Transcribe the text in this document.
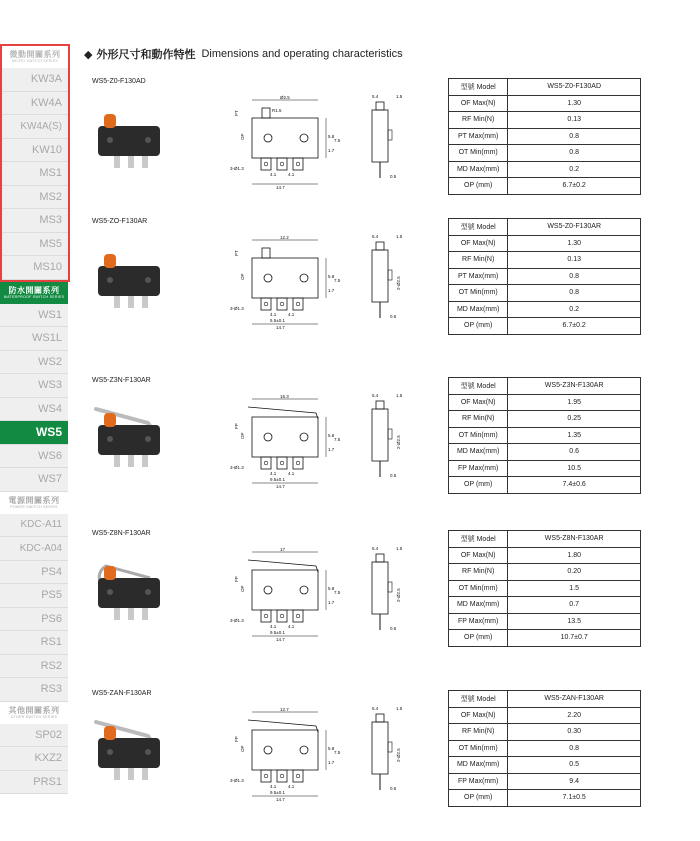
微動開關系列
MICRO SWITCH SERIES
KW3A
KW4A
KW4A(S)
KW10
MS1
MS2
MS3
MS5
MS10
防水開關系列
WATERPROOF SWITCH SERIES
WS1
WS1L
WS2
WS3
WS4
WS5
WS6
WS7
電源開關系列
POWER SWITCH SERIES
KDC-A11
KDC-A04
PS4
PS5
PS6
RS1
RS2
RS3
其他開關系列
OTHER SWITCH SERIES
SP02
KXZ2
PRS1
◆ 外形尺寸和動作特性 Dimensions and operating characteristics
WS5-Z0-F130AD
Ø2.5
14.7
5.8
7.5
1.7
3-Ø1.3
4.1	4.1
PT
OP
R1.5
5.4	1.5
0.5
型號 Model	WS5-Z0-F130AD
OF Max(N)	1.30
RF Min(N)	0.13
PT Max(mm)	0.8
OT Min(mm)	0.8
MD Max(mm)	0.2
OP (mm)	6.7±0.2
WS5-ZO-F130AR
12.2
5.5±0.1
14.7
5.8
7.5
1.7
3-Ø1.3
4.1	4.1
PT
OP
5.4	1.5
0.5
2-Ø2.5
型號 Model	WS5-Z0-F130AR
OF Max(N)	1.30
RF Min(N)	0.13
PT Max(mm)	0.8
OT Min(mm)	0.8
MD Max(mm)	0.2
OP (mm)	6.7±0.2
WS5-Z3N-F130AR
15.3
9.5±0.1
14.7
5.8
7.5
1.7
3-Ø1.3
4.1	4.1
FP
OP
5.4	1.5
0.5
2-Ø2.5
型號 Model	WS5-Z3N-F130AR
OF Max(N)	1.95
RF Min(N)	0.25
OT Min(mm)	1.35
MD Max(mm)	0.6
FP Max(mm)	10.5
OP (mm)	7.4±0.6
WS5-Z8N-F130AR
17
9.5±0.1
14.7
5.8
7.5
1.7
3-Ø1.3
4.1	4.1
FP
OP
5.4	1.5
0.5
2-Ø2.5
型號 Model	WS5-Z8N-F130AR
OF Max(N)	1.80
RF Min(N)	0.20
OT Min(mm)	1.5
MD Max(mm)	0.7
FP Max(mm)	13.5
OP (mm)	10.7±0.7
WS5-ZAN-F130AR
12.7
9.5±0.1
14.7
5.8
7.5
1.7
3-Ø1.3
4.1	4.1
FP
OP
5.4	1.5
0.5
2-Ø2.5
型號 Model	WS5-ZAN-F130AR
OF Max(N)	2.20
RF Min(N)	0.30
OT Min(mm)	0.8
MD Max(mm)	0.5
FP Max(mm)	9.4
OP (mm)	7.1±0.5
